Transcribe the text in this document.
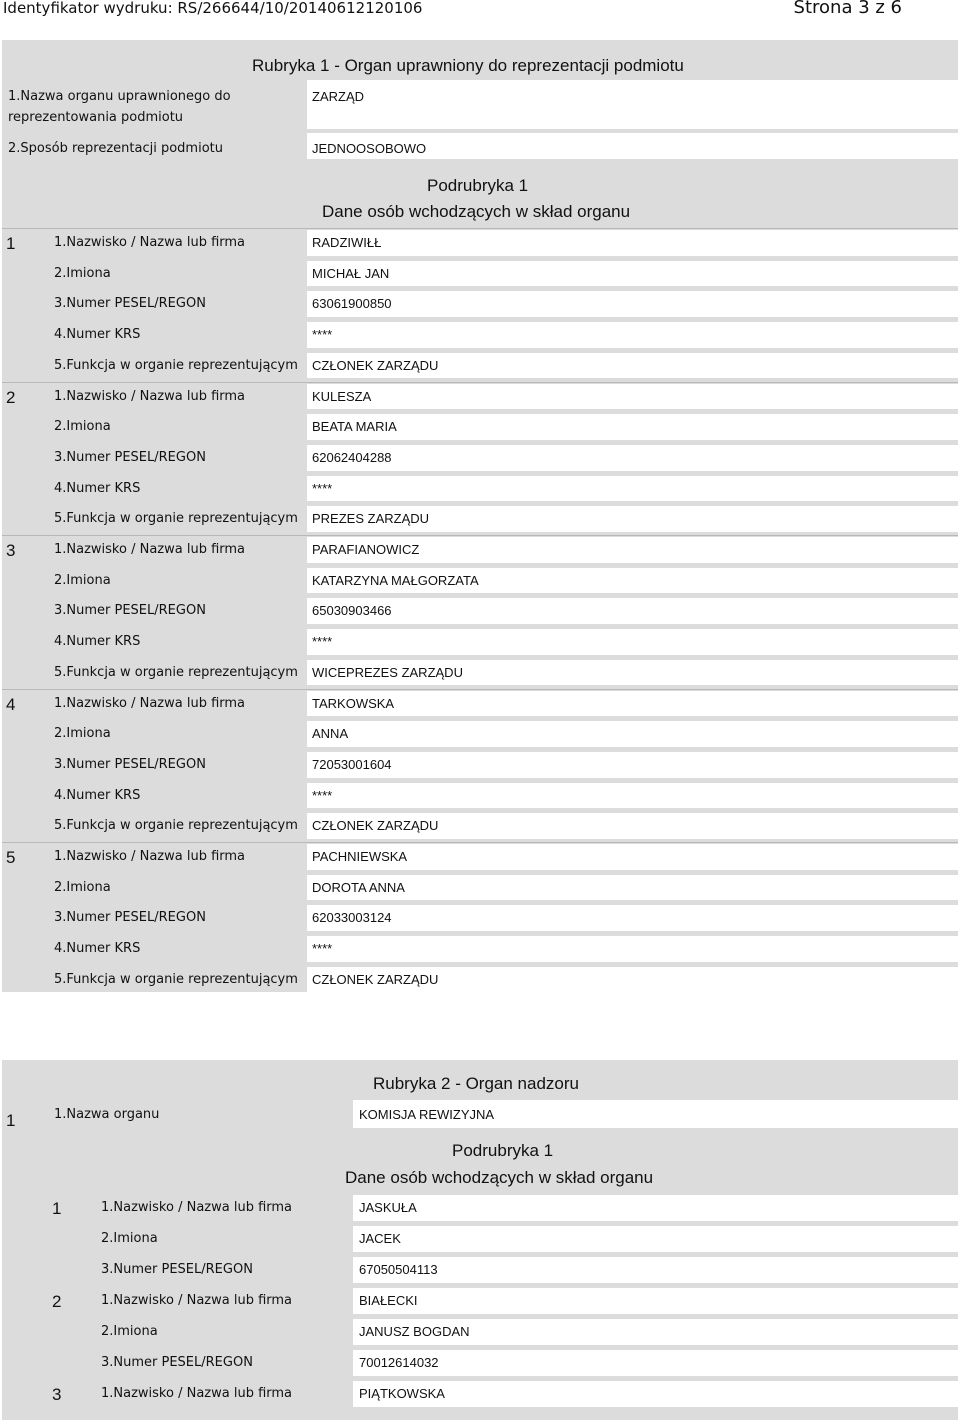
Identyfikator wydruku: RS/266644/10/20140612120106	Strona 3 z 6
Rubryka 1 - Organ uprawniony do reprezentacji podmiotu
1.Nazwa organu uprawnionego do
reprezentowania podmiotu
ZARZĄD
2.Sposób reprezentacji podmiotu	JEDNOOSOBOWO
Podrubryka 1
Dane osób wchodzących w skład organu
1	1.Nazwisko / Nazwa lub firma	RADZIWIŁŁ
2.Imiona	MICHAŁ JAN
3.Numer PESEL/REGON	63061900850
4.Numer KRS	****
5.Funkcja w organie reprezentującym CZŁONEK ZARZĄDU
2	1.Nazwisko / Nazwa lub firma	KULESZA
2.Imiona	BEATA MARIA
3.Numer PESEL/REGON	62062404288
4.Numer KRS	****
5.Funkcja w organie reprezentującym PREZES ZARZĄDU
3	1.Nazwisko / Nazwa lub firma	PARAFIANOWICZ
2.Imiona	KATARZYNA MAŁGORZATA
3.Numer PESEL/REGON	65030903466
4.Numer KRS	****
5.Funkcja w organie reprezentującym WICEPREZES ZARZĄDU
4	1.Nazwisko / Nazwa lub firma	TARKOWSKA
2.Imiona	ANNA
3.Numer PESEL/REGON	72053001604
4.Numer KRS	****
5.Funkcja w organie reprezentującym CZŁONEK ZARZĄDU
5	1.Nazwisko / Nazwa lub firma	PACHNIEWSKA
2.Imiona	DOROTA ANNA
3.Numer PESEL/REGON	62033003124
4.Numer KRS	****
5.Funkcja w organie reprezentującym CZŁONEK ZARZĄDU
Rubryka 2 - Organ nadzoru
1	1.Nazwa organu	KOMISJA REWIZYJNA
Podrubryka 1
Dane osób wchodzących w skład organu
1	1.Nazwisko / Nazwa lub firma	JASKUŁA
2.Imiona	JACEK
3.Numer PESEL/REGON	67050504113
2	1.Nazwisko / Nazwa lub firma	BIAŁECKI
2.Imiona	JANUSZ BOGDAN
3.Numer PESEL/REGON	70012614032
3	1.Nazwisko / Nazwa lub firma	PIĄTKOWSKA
